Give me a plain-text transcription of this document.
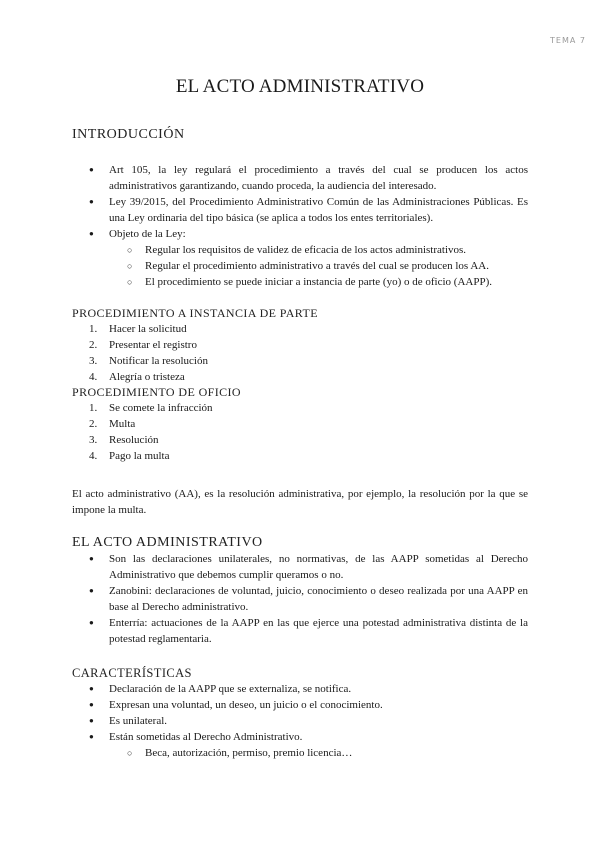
TEMA 7
EL ACTO ADMINISTRATIVO
INTRODUCCIÓN
● Art 105, la ley regulará el procedimiento a través del cual se producen los actos administrativos garantizando, cuando proceda, la audiencia del interesado.
● Ley 39/2015, del Procedimiento Administrativo Común de las Administraciones Públicas. Es una Ley ordinaria del tipo básica (se aplica a todos los entes territoriales).
● Objeto de la Ley:
○ Regular los requisitos de validez de eficacia de los actos administrativos.
○ Regular el procedimiento administrativo a través del cual se producen los AA.
○ El procedimiento se puede iniciar a instancia de parte (yo) o de oficio (AAPP).
PROCEDIMIENTO A INSTANCIA DE PARTE
1. Hacer la solicitud
2. Presentar el registro
3. Notificar la resolución
4. Alegría o tristeza
PROCEDIMIENTO DE OFICIO
1. Se comete la infracción
2. Multa
3. Resolución
4. Pago la multa

El acto administrativo (AA), es la resolución administrativa, por ejemplo, la resolución por la que se impone la multa.

EL ACTO ADMINISTRATIVO
● Son las declaraciones unilaterales, no normativas, de las AAPP sometidas al Derecho Administrativo que debemos cumplir queramos o no.
● Zanobini: declaraciones de voluntad, juicio, conocimiento o deseo realizada por una AAPP en base al Derecho administrativo.
● Enterría: actuaciones de la AAPP en las que ejerce una potestad administrativa distinta de la potestad reglamentaria.
CARACTERÍSTICAS
● Declaración de la AAPP que se externaliza, se notifica.
● Expresan una voluntad, un deseo, un juicio o el conocimiento.
● Es unilateral.
● Están sometidas al Derecho Administrativo.
○ Beca, autorización, permiso, premio licencia…
